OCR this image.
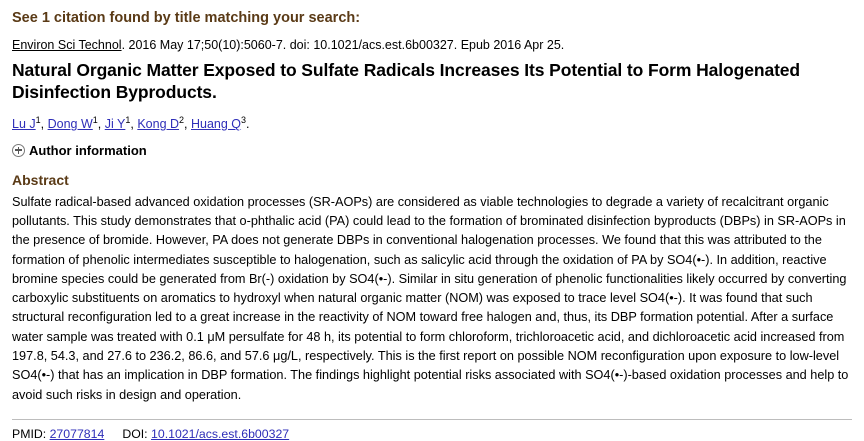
See 1 citation found by title matching your search:
Environ Sci Technol. 2016 May 17;50(10):5060-7. doi: 10.1021/acs.est.6b00327. Epub 2016 Apr 25.
Natural Organic Matter Exposed to Sulfate Radicals Increases Its Potential to Form Halogenated Disinfection Byproducts.
Lu $J^1$, Dong $W^1$, Ji $Y^1$, Kong $D^2$, Huang $Q^3$.
Author information
Abstract
Sulfate radical-based advanced oxidation processes (SR-AOPs) are considered as viable technologies to degrade a variety of recalcitrant organic pollutants. This study demonstrates that o-phthalic acid (PA) could lead to the formation of brominated disinfection byproducts (DBPs) in SR-AOPs in the presence of bromide. However, PA does not generate DBPs in conventional halogenation processes. We found that this was attributed to the formation of phenolic intermediates susceptible to halogenation, such as salicylic acid through the oxidation of PA by SO4(•-). In addition, reactive bromine species could be generated from Br(-) oxidation by SO4(•-). Similar in situ generation of phenolic functionalities likely occurred by converting carboxylic substituents on aromatics to hydroxyl when natural organic matter (NOM) was exposed to trace level SO4(•-). It was found that such structural reconfiguration led to a great increase in the reactivity of NOM toward free halogen and, thus, its DBP formation potential. After a surface water sample was treated with 0.1 μM persulfate for 48 h, its potential to form chloroform, trichloroacetic acid, and dichloroacetic acid increased from 197.8, 54.3, and 27.6 to 236.2, 86.6, and 57.6 μg/L, respectively. This is the first report on possible NOM reconfiguration upon exposure to low-level SO4(•-) that has an implication in DBP formation. The findings highlight potential risks associated with SO4(•-)-based oxidation processes and help to avoid such risks in design and operation.
PMID: 27077814 DOI: 10.1021/acs.est.6b00327
